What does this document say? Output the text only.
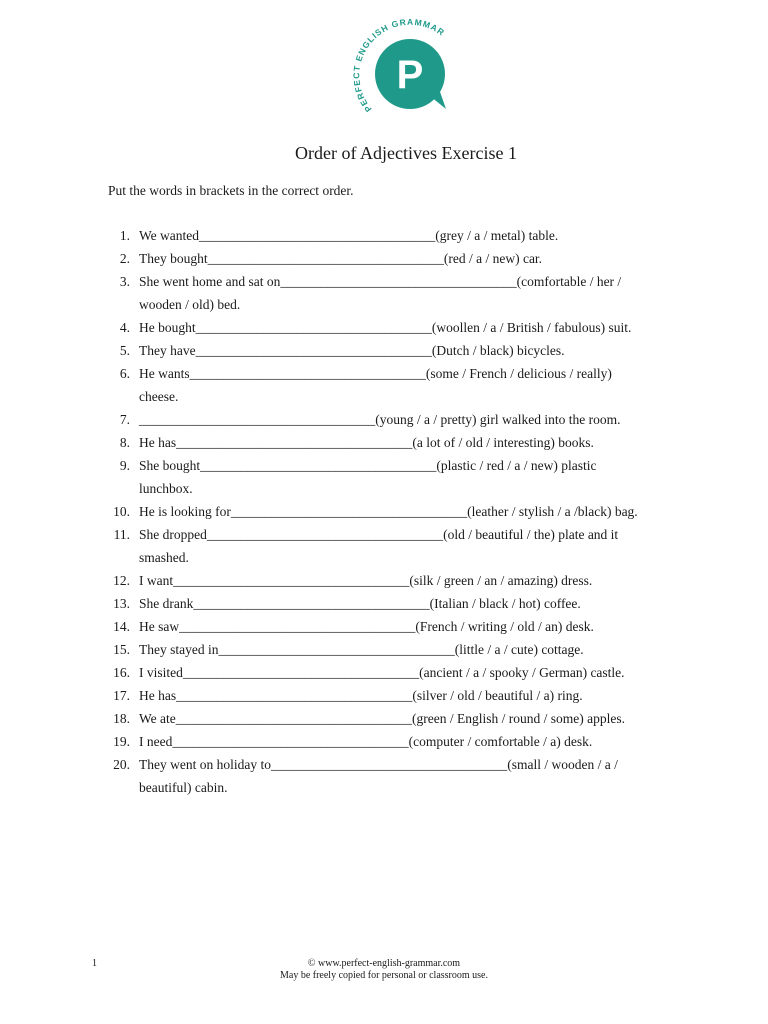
PERFECT ENGLISH GRAMMAR
P
Order of Adjectives Exercise 1
Put the words in brackets in the correct order.
1. We wanted___________________________________(grey / a / metal) table.
2. They bought___________________________________(red / a / new) car.
3. She went home and sat on___________________________________(comfortable / her /
wooden / old) bed.
4. He bought___________________________________(woollen / a / British / fabulous) suit.
5. They have___________________________________(Dutch / black) bicycles.
6. He wants___________________________________(some / French / delicious / really)
cheese.
7. ___________________________________(young / a / pretty) girl walked into the room.
8. He has___________________________________(a lot of / old / interesting) books.
9. She bought___________________________________(plastic / red / a / new) plastic
lunchbox.
10. He is looking for___________________________________(leather / stylish / a /black) bag.
11. She dropped___________________________________(old / beautiful / the) plate and it
smashed.
12. I want___________________________________(silk / green / an / amazing) dress.
13. She drank___________________________________(Italian / black / hot) coffee.
14. He saw___________________________________(French / writing / old / an) desk.
15. They stayed in___________________________________(little / a / cute) cottage.
16. I visited___________________________________(ancient / a / spooky / German) castle.
17. He has___________________________________(silver / old / beautiful / a) ring.
18. We ate___________________________________(green / English / round / some) apples.
19. I need___________________________________(computer / comfortable / a) desk.
20. They went on holiday to___________________________________(small / wooden / a /
beautiful) cabin.
1	© www.perfect-english-grammar.com
May be freely copied for personal or classroom use.
